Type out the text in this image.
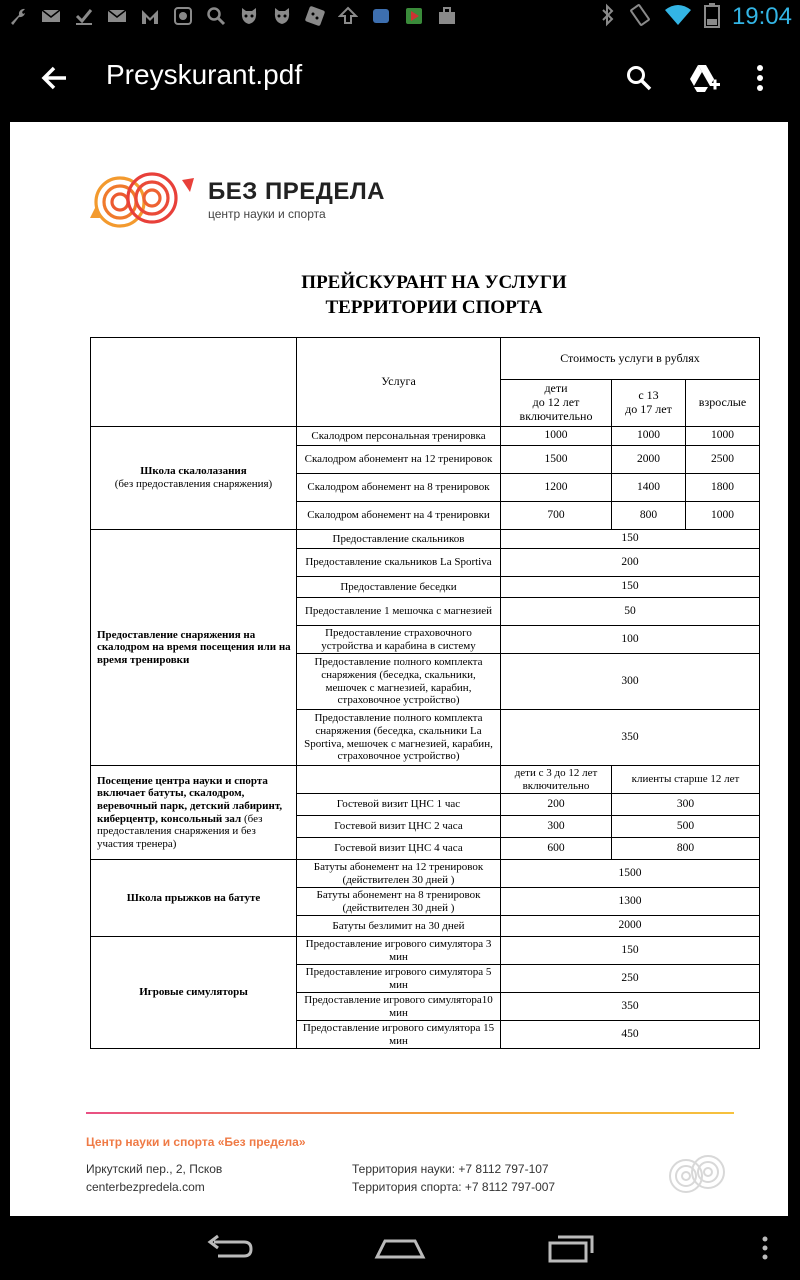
19:04
Preyskurant.pdf
БЕЗ ПРЕДЕЛА
центр науки и спорта
ПРЕЙСКУРАНТ НА УСЛУГИ
ТЕРРИТОРИИ СПОРТА
	Услуга	Стоимость услуги в рублях		
		дети
до 12 лет
включительно	с 13
до 17 лет	взрослые
Школа скалолазания
(без предоставления снаряжения)	Скалодром персональная тренировка	1000	1000	1000
	Скалодром абонемент на 12 тренировок	1500	2000	2500
	Скалодром абонемент на 8 тренировок	1200	1400	1800
	Скалодром абонемент на 4 тренировки	700	800	1000
Предоставление снаряжения на скалодром на время посещения или на время тренировки	Предоставление скальников	150		
	Предоставление скальников La Sportiva	200		
	Предоставление беседки	150		
	Предоставление 1 мешочка с магнезией	50		
	Предоставление страховочного устройства и карабина в систему	100		
	Предоставление полного комплекта снаряжения (беседка, скальники, мешочек с магнезией, карабин, страховочное устройство)	300		
	Предоставление полного комплекта снаряжения (беседка, скальники La Sportiva, мешочек с магнезией, карабин, страховочное устройство)	350		
Посещение центра науки и спорта включает батуты, скалодром, веревочный парк, детский лабиринт, киберцентр, консольный зал (без предоставления снаряжения и без участия тренера)		дети с 3 до 12 лет включительно	клиенты старше 12 лет	
	Гостевой визит ЦНС 1 час	200	300	
	Гостевой визит ЦНС 2 часа	300	500	
	Гостевой визит ЦНС 4 часа	600	800	
Школа прыжков на батуте	Батуты абонемент на 12 тренировок (действителен 30 дней )	1500		
	Батуты абонемент на 8 тренировок (действителен 30 дней )	1300		
	Батуты безлимит на 30 дней	2000		
Игровые симуляторы	Предоставление игрового симулятора 3 мин	150		
	Предоставление игрового симулятора 5 мин	250		
	Предоставление игрового симулятора10 мин	350		
	Предоставление игрового симулятора 15 мин	450		
Центр науки и спорта «Без предела»
Иркутский пер., 2, Псков
centerbezpredela.com
Территория науки: +7 8112 797-107
Территория спорта: +7 8112 797-007
